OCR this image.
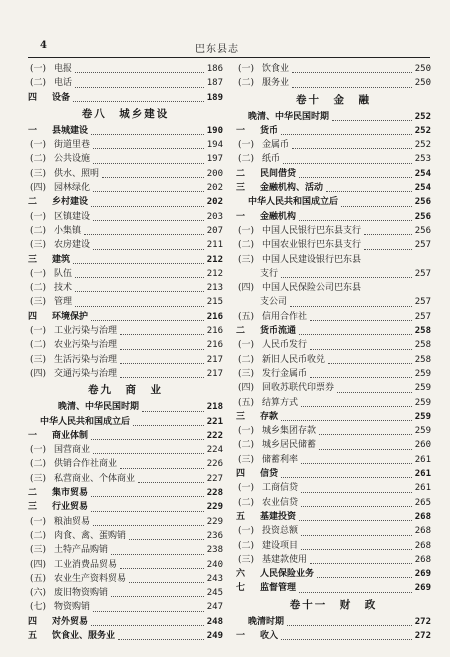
4	巴东县志
(一) 电报	186
(二) 电话	187
四 设备	189
卷八　城乡建设
一 县城建设	190
(一) 街道里巷	194
(二) 公共设施	197
(三) 供水、照明	200
(四) 园林绿化	202
二 乡村建设	202
(一) 区镇建设	203
(二) 小集镇	207
(三) 农房建设	211
三 建筑	212
(一) 队伍	212
(二) 技术	213
(三) 管理	215
四 环境保护	216
(一) 工业污染与治理	216
(二) 农业污染与治理	216
(三) 生活污染与治理	217
(四) 交通污染与治理	217
卷九　商　业
晚清、中华民国时期	218
中华人民共和国成立后	221
一 商业体制	222
(一) 国营商业	224
(二) 供销合作社商业	226
(三) 私营商业、个体商业	227
二 集市贸易	228
三 行业贸易	229
(一) 粮油贸易	229
(二) 肉食、禽、蛋购销	236
(三) 土特产品购销	238
(四) 工业消费品贸易	240
(五) 农业生产资料贸易	243
(六) 废旧物资购销	245
(七) 物资购销	247
四 对外贸易	248
五 饮食业、服务业	249
(一) 饮食业	250
(二) 服务业	250
卷十　金　融
晚清、中华民国时期	252
一 货币	252
(一) 金属币	252
(二) 纸币	253
二 民间借贷	254
三 金融机构、活动	254
中华人民共和国成立后	256
一 金融机构	256
(一) 中国人民银行巴东县支行	256
(二) 中国农业银行巴东县支行	257
(三) 中国人民建设银行巴东县
支行	257
(四) 中国人民保险公司巴东县
支公司	257
(五) 信用合作社	257
二 货币流通	258
(一) 人民币发行	258
(二) 新旧人民币收兑	258
(三) 发行金属币	259
(四) 回收苏联代印票券	259
(五) 结算方式	259
三 存款	259
(一) 城乡集团存款	259
(二) 城乡居民储蓄	260
(三) 储蓄利率	261
四 信贷	261
(一) 工商信贷	261
(二) 农业信贷	265
五 基建投资	268
(一) 投资总额	268
(二) 建设项目	268
(三) 基建款使用	268
六 人民保险业务	269
七 监督管理	269
卷十一　财　政
晚清时期	272
一 收入	272
